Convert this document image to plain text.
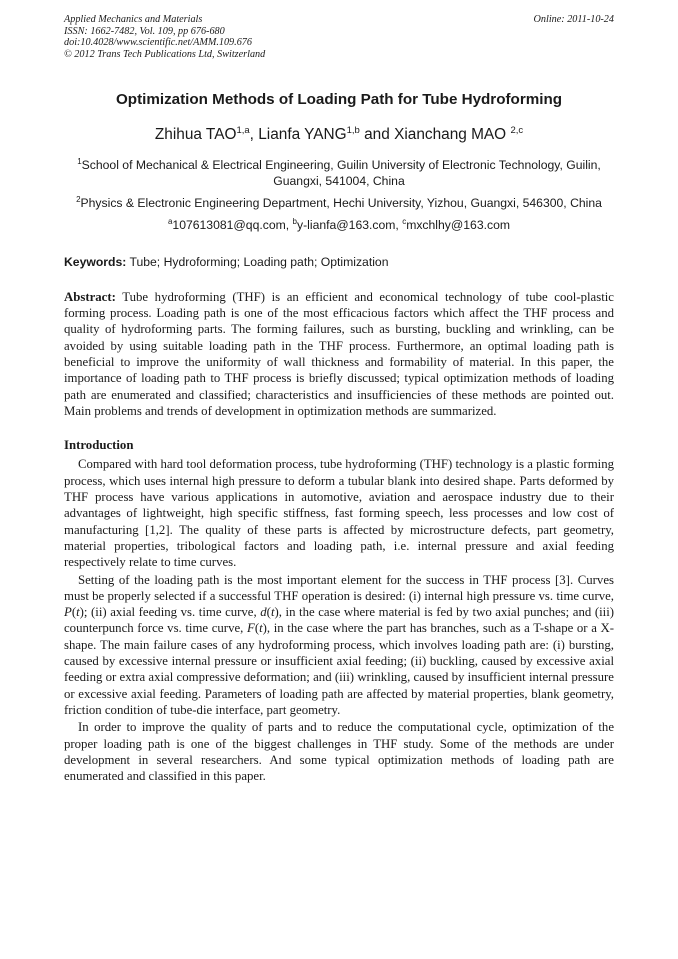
Applied Mechanics and Materials
ISSN: 1662-7482, Vol. 109, pp 676-680
doi:10.4028/www.scientific.net/AMM.109.676
© 2012 Trans Tech Publications Ltd, Switzerland
Online: 2011-10-24
Optimization Methods of Loading Path for Tube Hydroforming
Zhihua TAO$^{1,a}$, Lianfa YANG$^{1,b}$ and Xianchang MAO $^{2,c}$
$^1$School of Mechanical & Electrical Engineering, Guilin University of Electronic Technology, Guilin, Guangxi, 541004, China
$^2$Physics & Electronic Engineering Department, Hechi University, Yizhou, Guangxi, 546300, China
$^a$107613081@qq.com, $^b$y-lianfa@163.com, $^c$mxchlhy@163.com
Keywords: Tube; Hydroforming; Loading path; Optimization
Abstract: Tube hydroforming (THF) is an efficient and economical technology of tube cool-plastic forming process. Loading path is one of the most efficacious factors which affect the THF process and quality of hydroforming parts. The forming failures, such as bursting, buckling and wrinkling, can be avoided by using suitable loading path in the THF process. Furthermore, an optimal loading path is beneficial to improve the uniformity of wall thickness and formability of material. In this paper, the importance of loading path to THF process is briefly discussed; typical optimization methods of loading path are enumerated and classified; characteristics and insufficiencies of these methods are pointed out. Main problems and trends of development in optimization methods are summarized.
Introduction

Compared with hard tool deformation process, tube hydroforming (THF) technology is a plastic forming process, which uses internal high pressure to deform a tubular blank into desired shape. Parts deformed by THF process have various applications in automotive, aviation and aerospace industry due to their advantages of lightweight, high specific stiffness, fast forming speech, less processes and low cost of manufacturing [1,2]. The quality of these parts is affected by microstructure defects, part geometry, material properties, tribological factors and loading path, i.e. internal pressure and axial feeding respectively relate to time curves.

Setting of the loading path is the most important element for the success in THF process [3]. Curves must be properly selected if a successful THF operation is desired: (i) internal high pressure vs. time curve, P(t); (ii) axial feeding vs. time curve, d(t), in the case where material is fed by two axial punches; and (iii) counterpunch force vs. time curve, F(t), in the case where the part has branches, such as a T-shape or a X-shape. The main failure cases of any hydroforming process, which involves loading path are: (i) bursting, caused by excessive internal pressure or insufficient axial feeding; (ii) buckling, caused by excessive axial feeding or extra axial compressive deformation; and (iii) wrinkling, caused by insufficient internal pressure or excessive axial feeding. Parameters of loading path are affected by material properties, blank geometry, friction condition of tube-die interface, part geometry.

In order to improve the quality of parts and to reduce the computational cycle, optimization of the proper loading path is one of the biggest challenges in THF study. Some of the methods are under development in several researchers. And some typical optimization methods of loading path are enumerated and classified in this paper.
